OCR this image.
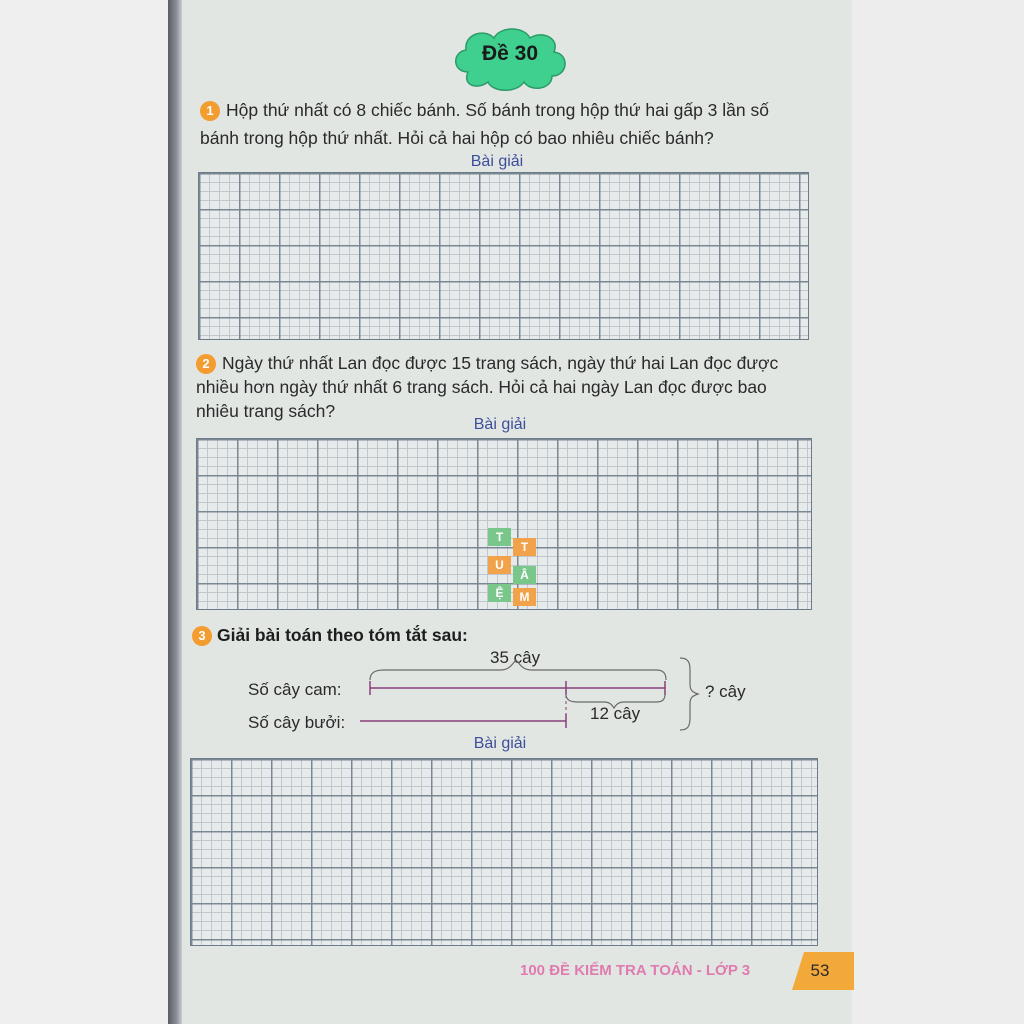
Đề 30
1 Hộp thứ nhất có 8 chiếc bánh. Số bánh trong hộp thứ hai gấp 3 lần số
bánh trong hộp thứ nhất. Hỏi cả hai hộp có bao nhiêu chiếc bánh?
Bài giải
2 Ngày thứ nhất Lan đọc được 15 trang sách, ngày thứ hai Lan đọc được
nhiều hơn ngày thứ nhất 6 trang sách. Hỏi cả hai ngày Lan đọc được bao
nhiêu trang sách?
Bài giải
T
T
U
Â
Ệ	M
3 Giải bài toán theo tóm tắt sau:
35 cây
Số cây cam:
Số cây bưởi:	12 cây
? cây
Bài giải
100 ĐỀ KIỂM TRA TOÁN - LỚP 3	53
